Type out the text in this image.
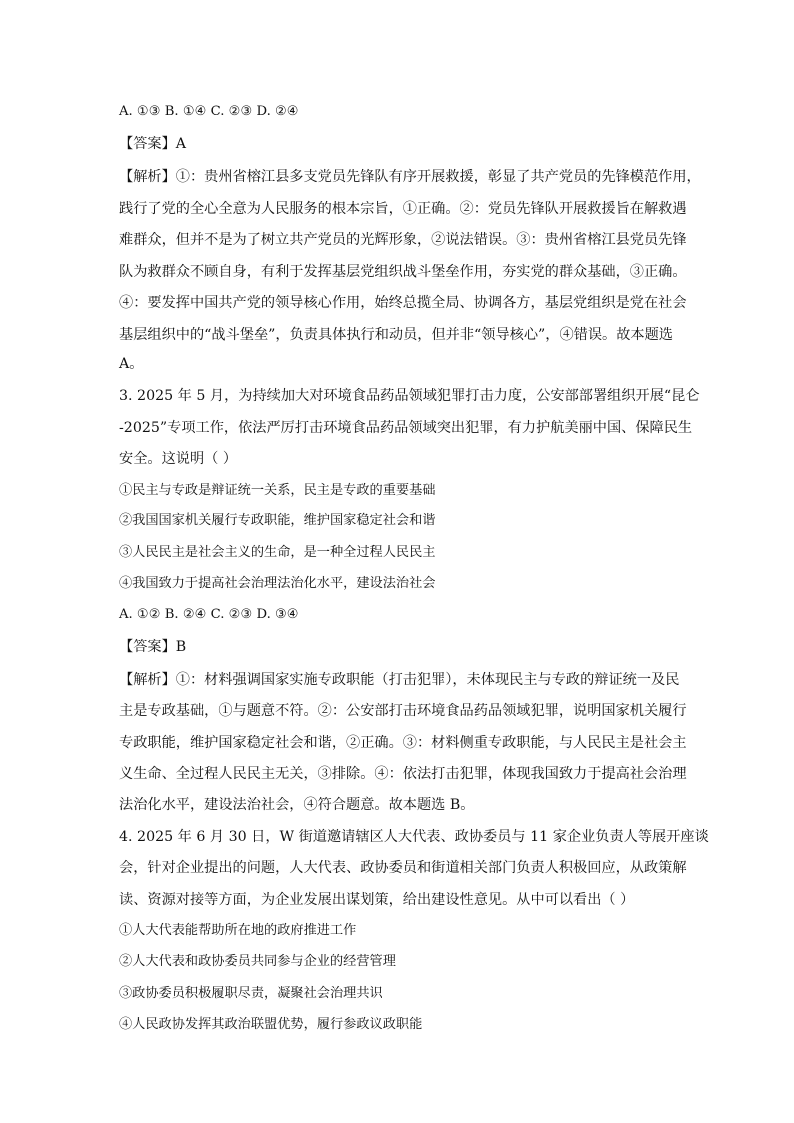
A. ①③ B. ①④ C. ②③ D. ②④
【答案】A
【解析】①：贵州省榕江县多支党员先锋队有序开展救援，彰显了共产党员的先锋模范作用，
践行了党的全心全意为人民服务的根本宗旨，①正确。②：党员先锋队开展救援旨在解救遇
难群众，但并不是为了树立共产党员的光辉形象，②说法错误。③：贵州省榕江县党员先锋
队为救群众不顾自身，有利于发挥基层党组织战斗堡垒作用，夯实党的群众基础，③正确。
④：要发挥中国共产党的领导核心作用，始终总揽全局、协调各方，基层党组织是党在社会
基层组织中的“战斗堡垒”，负责具体执行和动员，但并非“领导核心”，④错误。故本题选
A。
3. 2025 年 5 月，为持续加大对环境食品药品领域犯罪打击力度，公安部部署组织开展“昆仑
-2025”专项工作，依法严厉打击环境食品药品领域突出犯罪，有力护航美丽中国、保障民生
安全。这说明（ ）
①民主与专政是辩证统一关系，民主是专政的重要基础
②我国国家机关履行专政职能，维护国家稳定社会和谐
③人民民主是社会主义的生命，是一种全过程人民民主
④我国致力于提高社会治理法治化水平，建设法治社会
A. ①② B. ②④ C. ②③ D. ③④
【答案】B
【解析】①：材料强调国家实施专政职能（打击犯罪），未体现民主与专政的辩证统一及民
主是专政基础，①与题意不符。②：公安部打击环境食品药品领域犯罪，说明国家机关履行
专政职能，维护国家稳定社会和谐，②正确。③：材料侧重专政职能，与人民民主是社会主
义生命、全过程人民民主无关，③排除。④：依法打击犯罪，体现我国致力于提高社会治理
法治化水平，建设法治社会，④符合题意。故本题选 B。
4. 2025 年 6 月 30 日，W 街道邀请辖区人大代表、政协委员与 11 家企业负责人等展开座谈
会，针对企业提出的问题，人大代表、政协委员和街道相关部门负责人积极回应，从政策解
读、资源对接等方面，为企业发展出谋划策，给出建设性意见。从中可以看出（ ）
①人大代表能帮助所在地的政府推进工作
②人大代表和政协委员共同参与企业的经营管理
③政协委员积极履职尽责，凝聚社会治理共识
④人民政协发挥其政治联盟优势，履行参政议政职能
